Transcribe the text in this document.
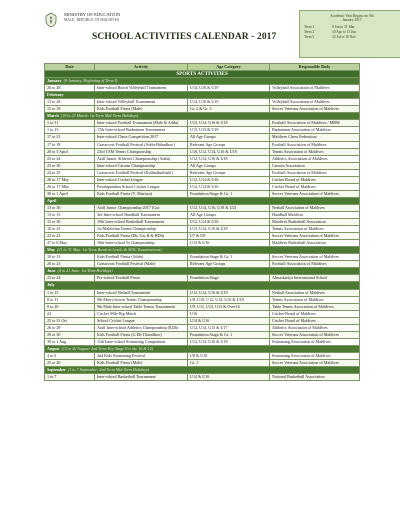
MINISTRY OF EDUCATION
MALE', REPUBLIC OF MALDIVES
SCHOOL ACTIVITIES CALENDAR - 2017
Academic Year Begins on: 9th
January 2017
Term 1	9 Jan to 31 Mar
Term 2	10 Apr to 13 Jun
Term 3	23 Jul to 16 Nov
Date	Activity	Age Category	Responsible Body
SPORTS ACTIVITIES			
January (9 January, Beginning of Term I)			
26 to 28	Inter-school Beach Volleyball Tournament	U14, U16 & U19	Volleyball Association of Maldives
February			
13 to 28	Inter-school Volleyball Tournament	U14, U16 & U19	Volleyball Association of Maldives
15 to 18	Kids Football Fiesta (Male)	Gr. 2 & Gr. 3	Soccer Veterans Association of Maldives
March (19 to 23 March: 1st Term Mid-Term Holidays)			
1 to 31	Inter-school Football Tournament (Male & Addu)	U13, U14, U16 & U18	Football Association of Maldives / MBM
1 to 13	17th Inter-school Badminton Tournament	U13, U15 & U19	Badminton Association of Maldives
17 to 21	Inter-school Chess Competition 2017	All Age Groups	Maldives Chess Federation
17 to 18	Grassroots Football Festival (Addu-Hithadhoo)	Relevant Age Groups	Football Association of Maldives
20 to 5 April	23rd TAM Tennis Championship	U10, U12, U14, U16 & U18	Tennis Association of Maldives
23 to 24	Atoll Junior Athletics Championship (Addu)	U12, U14, U16 & U18	Athletics Association of Maldives
23 to 30	Inter-school Carrom Championship	All Age Groups	Carrom Association
24 to 25	Grassroots Football Festival (Kulhudhuffushi)	Relevant Age Groups	Football Association of Maldives
26 to 17 May	Inter-school Cricket League	U12, U14 & U16	Cricket Board of Maldives
26 to 17 May	Pavalapandara School Cricket League	U12, U14 & U16	Cricket Board of Maldives
30 to 1 April	Kids Football Fiesta (V. Maafaru)	Foundation Stage & Gr. 1	Soccer Veterans Association of Maldives
April			
13 to 30	Atoll Junior Championship 2017 (Gn)	U12, U14, U16, U18 & U21	Netball Association of Maldives
13 to 15	3rd Inter-school Handball Tournament	All Age Groups	Handball Maldives
15 to 30	19th Inter-school Basketball Tournament	U12, U14 & U16	Maldives Basketball Association
18 to 23	1st Maldivian Tennis Championship	U12, U14, U16 & U18	Tennis Association of Maldives
22 to 23	Kids Football Fiesta (Dh, Gn, B & HDh)	U7 & U9	Soccer Veterans Association of Maldives
27 to 6 May	16th Inter-school 5s Championship	U14 & U16	Maldives Basketball Association
May (21 to 31 May: 1st Term Break at Levels & MAC Examinations)			
10 to 13	Kids Football Fiesta (Addu)	Foundation Stage & Gr. 1	Soccer Veterans Association of Maldives
20 to 23	Grassroots Football Festival (Male)	Relevant Age Groups	Football Association of Maldives
June (4 to 21 June: 1st Term Holidays)			
23 to 24	Pre-school Football Fiesta	Foundation Stage	Almaskariya International School
July			
1 to 15	Inter-school Netball Tournament	U12, U14, U16 & U19	Netball Association of Maldives
8 to 11	9th Marry brown Tennis Championship	U8, U10, U12, U14, U16 & U18	Tennis Association of Maldives
9 to 20	9th Male Inter-school Table Tennis Tournament	U9, U11, U13, U15 & Over16	Table Tennis Association of Maldives
22	Cricket Mile Big Match	U16	Cricket Board of Maldives
25 to 31 Oct	School Cricket League	U14 & U16	Cricket Board of Maldives
26 to 29	Atoll Inter-school Athletics Championship (KDh)	U12, U14, U15 & U17	Athletics Association of Maldives
29 to 30	Kids Football Fiesta (G.Dh Thinadhoo)	Foundation Stage & Gr. 1	Soccer Veterans Association of Maldives
30 to 1 Aug	11th Inter-school Swimming Competition	U12, U14, U16 & U19	Swimming Association of Maldives
August (12 to 20 August: 2nd Term Key Stage For the 10 & 12)			
4 to 5	2nd Kids Swimming Festival	U8 & U10	Swimming Association of Maldives
25 to 26	Kids Football Fiesta (Male)	Gr. 1	Soccer Veterans Association of Maldives
September (1 to 7 September: 2nd Term Mid-Term Holidays)			
1 to 7	Inter-school Basketball Tournament	U14 & U16	National Basketball Association
